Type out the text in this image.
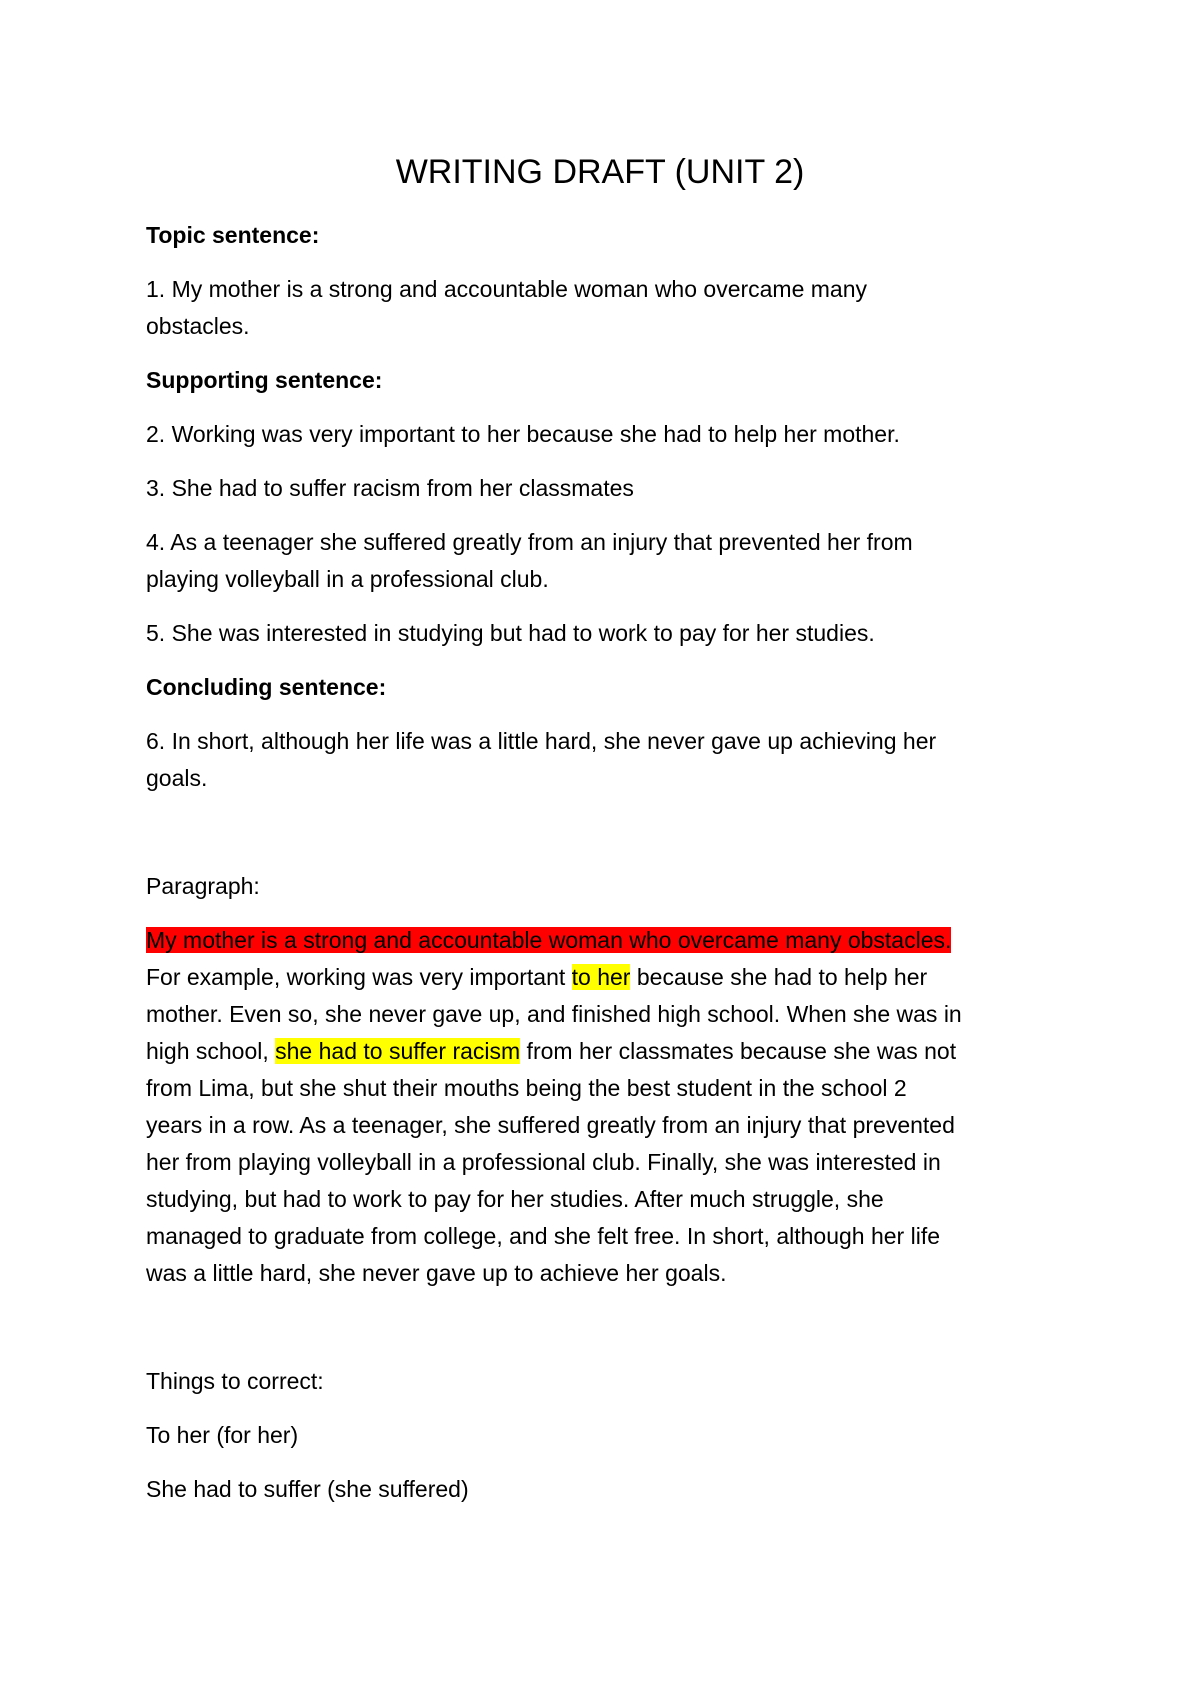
WRITING DRAFT (UNIT 2)

Topic sentence:

1. My mother is a strong and accountable woman who overcame many

obstacles.

Supporting sentence:

2. Working was very important to her because she had to help her mother.

3. She had to suffer racism from her classmates

4. As a teenager she suffered greatly from an injury that prevented her from

playing volleyball in a professional club.

5. She was interested in studying but had to work to pay for her studies.

Concluding sentence:

6. In short, although her life was a little hard, she never gave up achieving her

goals.

Paragraph:

My mother is a strong and accountable woman who overcame many obstacles.

For example, working was very important to her because she had to help her

mother. Even so, she never gave up, and finished high school. When she was in

high school, she had to suffer racism from her classmates because she was not

from Lima, but she shut their mouths being the best student in the school 2

years in a row. As a teenager, she suffered greatly from an injury that prevented

her from playing volleyball in a professional club. Finally, she was interested in

studying, but had to work to pay for her studies. After much struggle, she

managed to graduate from college, and she felt free. In short, although her life

was a little hard, she never gave up to achieve her goals.

Things to correct:

To her (for her)

She had to suffer (she suffered)
